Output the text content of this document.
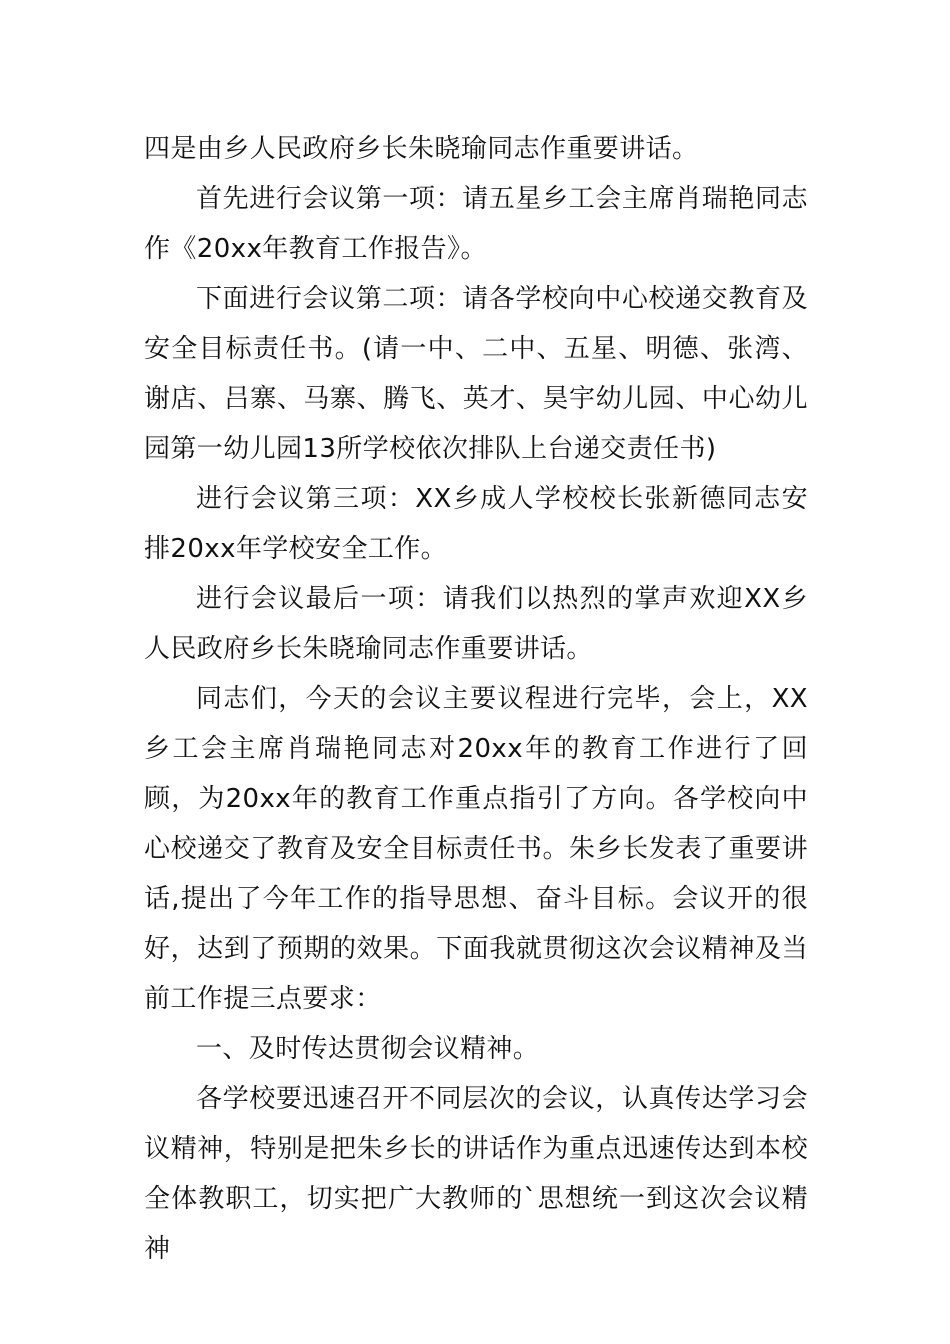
四是由乡人民政府乡长朱晓瑜同志作重要讲话。

首先进行会议第一项：请五星乡工会主席肖瑞艳同志作《20xx年教育工作报告》。

下面进行会议第二项：请各学校向中心校递交教育及安全目标责任书。(请一中、二中、五星、明德、张湾、谢店、吕寨、马寨、腾飞、英才、昊宇幼儿园、中心幼儿园第一幼儿园13所学校依次排队上台递交责任书)

进行会议第三项：XX乡成人学校校长张新德同志安排20xx年学校安全工作。

进行会议最后一项：请我们以热烈的掌声欢迎XX乡人民政府乡长朱晓瑜同志作重要讲话。

同志们，今天的会议主要议程进行完毕，会上，XX乡工会主席肖瑞艳同志对20xx年的教育工作进行了回顾，为20xx年的教育工作重点指引了方向。各学校向中心校递交了教育及安全目标责任书。朱乡长发表了重要讲话,提出了今年工作的指导思想、奋斗目标。会议开的很好，达到了预期的效果。下面我就贯彻这次会议精神及当前工作提三点要求：

一、及时传达贯彻会议精神。

各学校要迅速召开不同层次的会议，认真传达学习会议精神，特别是把朱乡长的讲话作为重点迅速传达到本校全体教职工，切实把广大教师的`思想统一到这次会议精神
